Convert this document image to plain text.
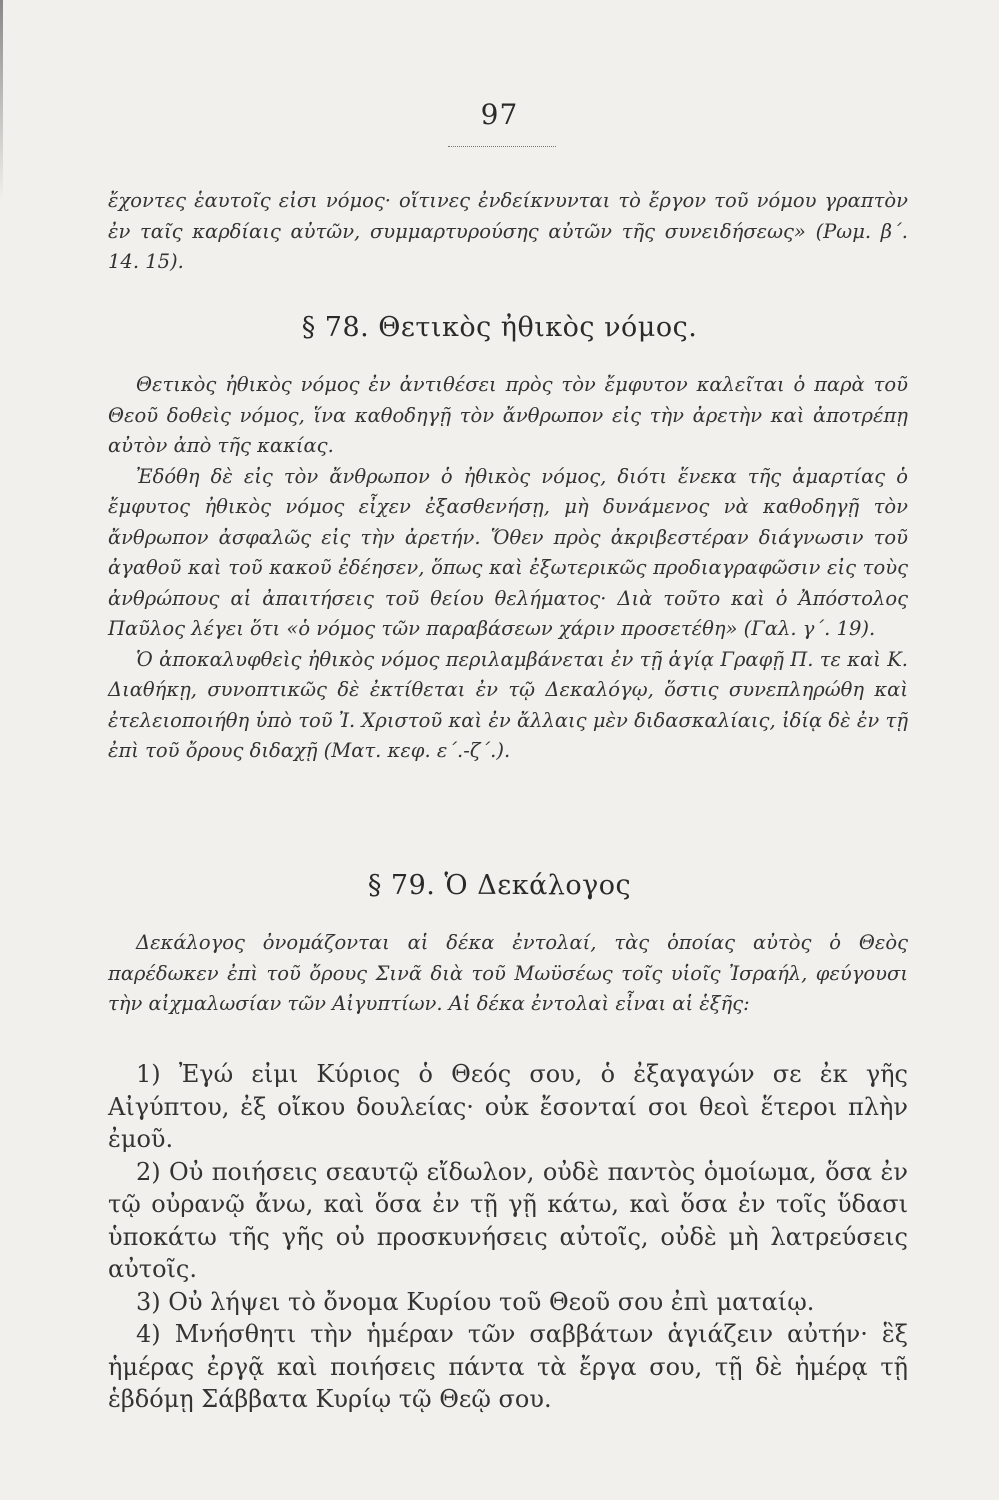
97

ἔχοντες ἑαυτοῖς εἰσι νόμος· οἵτινες ἐνδείκνυνται τὸ ἔργον τοῦ νόμου γραπτὸν ἐν ταῖς καρδίαις αὐτῶν, συμμαρτυρούσης αὐτῶν τῆς συνειδήσεως» (Ρωμ. β΄. 14. 15).

§ 78. Θετικὸς ἠθικὸς νόμος.

Θετικὸς ἠθικὸς νόμος ἐν ἀντιθέσει πρὸς τὸν ἔμφυτον καλεῖται ὁ παρὰ τοῦ Θεοῦ δοθεὶς νόμος, ἵνα καθοδηγῇ τὸν ἄνθρωπον εἰς τὴν ἀρετὴν καὶ ἀποτρέπῃ αὐτὸν ἀπὸ τῆς κακίας.

Ἐδόθη δὲ εἰς τὸν ἄνθρωπον ὁ ἠθικὸς νόμος, διότι ἕνεκα τῆς ἁμαρτίας ὁ ἔμφυτος ἠθικὸς νόμος εἶχεν ἐξασθενήσῃ, μὴ δυνάμενος νὰ καθοδηγῇ τὸν ἄνθρωπον ἀσφαλῶς εἰς τὴν ἀρετήν. Ὅθεν πρὸς ἀκριβεστέραν διάγνωσιν τοῦ ἀγαθοῦ καὶ τοῦ κακοῦ ἐδέησεν, ὅπως καὶ ἐξωτερικῶς προδιαγραφῶσιν εἰς τοὺς ἀνθρώπους αἱ ἀπαιτήσεις τοῦ θείου θελήματος· Διὰ τοῦτο καὶ ὁ Ἀπόστολος Παῦλος λέγει ὅτι «ὁ νόμος τῶν παραβάσεων χάριν προσετέθη» (Γαλ. γ΄. 19).

Ὁ ἀποκαλυφθεὶς ἠθικὸς νόμος περιλαμβάνεται ἐν τῇ ἁγίᾳ Γραφῇ Π. τε καὶ Κ. Διαθήκῃ, συνοπτικῶς δὲ ἐκτίθεται ἐν τῷ Δεκαλόγῳ, ὅστις συνεπληρώθη καὶ ἐτελειοποιήθη ὑπὸ τοῦ Ἰ. Χριστοῦ καὶ ἐν ἄλλαις μὲν διδασκαλίαις, ἰδίᾳ δὲ ἐν τῇ ἐπὶ τοῦ ὄρους διδαχῇ (Ματ. κεφ. ε΄.-ζ΄.).

§ 79. Ὁ Δεκάλογος

Δεκάλογος ὀνομάζονται αἱ δέκα ἐντολαί, τὰς ὁποίας αὐτὸς ὁ Θεὸς παρέδωκεν ἐπὶ τοῦ ὄρους Σινᾶ διὰ τοῦ Μωϋσέως τοῖς υἱοῖς Ἰσραήλ, φεύγουσι τὴν αἰχμαλωσίαν τῶν Αἰγυπτίων. Αἱ δέκα ἐντολαὶ εἶναι αἱ ἑξῆς:

1) Ἐγώ εἰμι Κύριος ὁ Θεός σου, ὁ ἐξαγαγών σε ἐκ γῆς Αἰγύπτου, ἐξ οἴκου δουλείας· οὐκ ἔσονταί σοι θεοὶ ἕτεροι πλὴν ἐμοῦ.

2) Οὐ ποιήσεις σεαυτῷ εἴδωλον, οὐδὲ παντὸς ὁμοίωμα, ὅσα ἐν τῷ οὐρανῷ ἄνω, καὶ ὅσα ἐν τῇ γῇ κάτω, καὶ ὅσα ἐν τοῖς ὕδασι ὑποκάτω τῆς γῆς οὐ προσκυνήσεις αὐτοῖς, οὐδὲ μὴ λατρεύσεις αὐτοῖς.

3) Οὐ λήψει τὸ ὄνομα Κυρίου τοῦ Θεοῦ σου ἐπὶ ματαίῳ.

4) Μνήσθητι τὴν ἡμέραν τῶν σαββάτων ἁγιάζειν αὐτήν· ἓξ ἡμέρας ἐργᾷ καὶ ποιήσεις πάντα τὰ ἔργα σου, τῇ δὲ ἡμέρᾳ τῇ ἑβδόμῃ Σάββατα Κυρίῳ τῷ Θεῷ σου.
